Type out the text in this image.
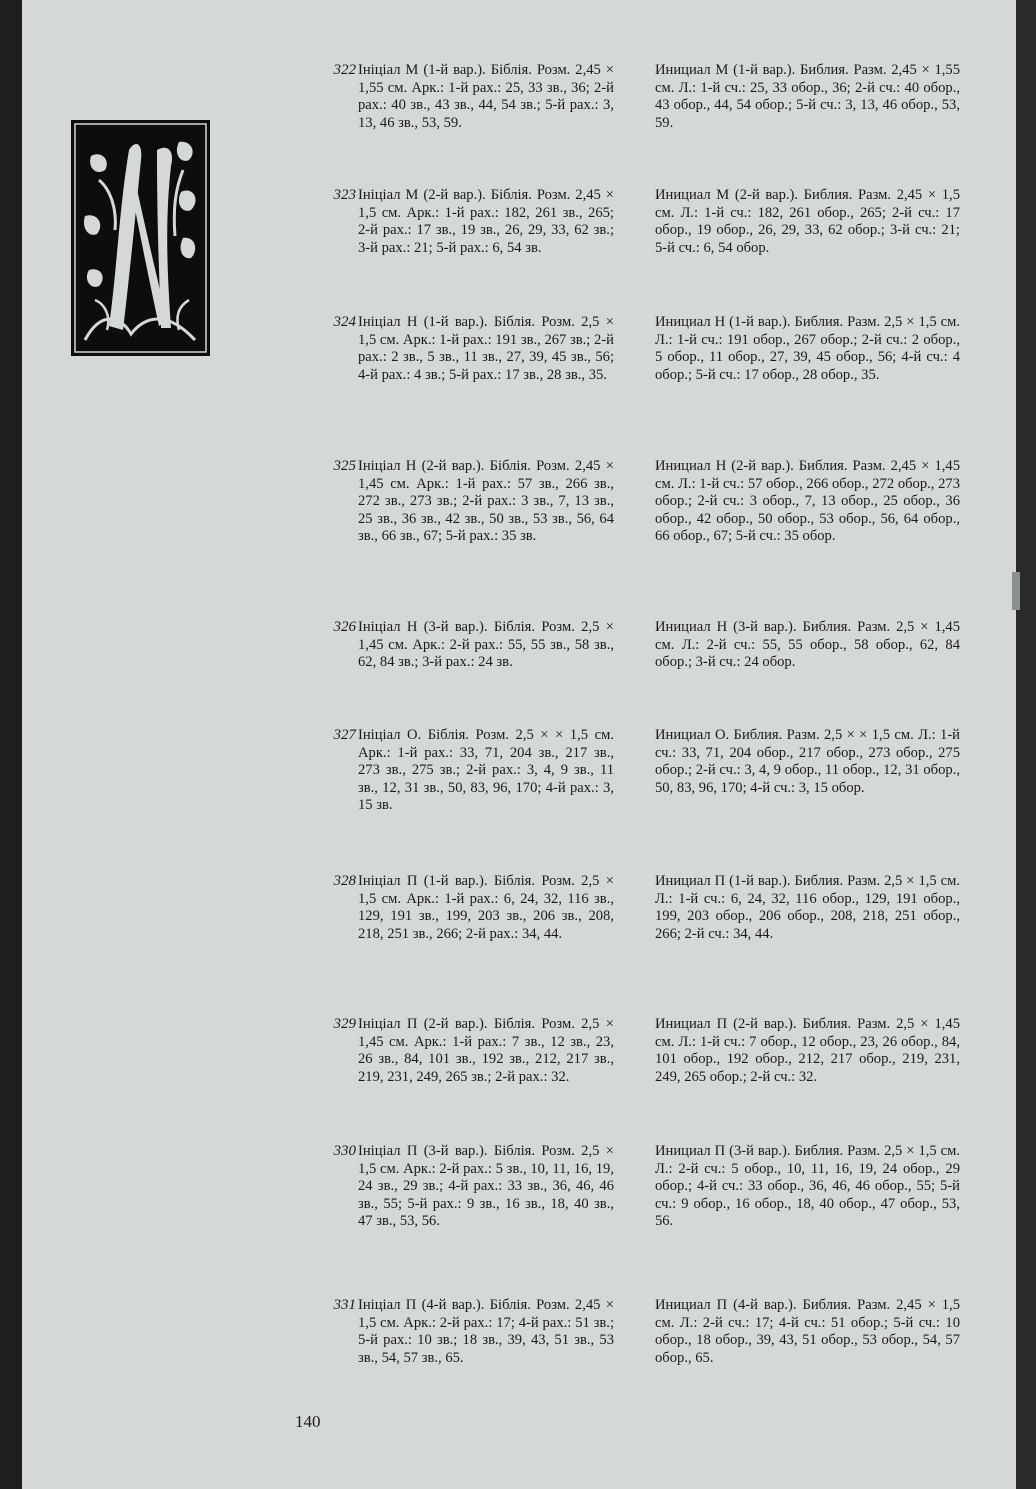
322 Ініціал М (1-й вар.). Біблія. Розм. 2,45 × 1,55 см. Арк.: 1-й рах.: 25, 33 зв., 36; 2-й рах.: 40 зв., 43 зв., 44, 54 зв.; 5-й рах.: 3, 13, 46 зв., 53, 59.
Инициал М (1-й вар.). Библия. Разм. 2,45 × 1,55 см. Л.: 1-й сч.: 25, 33 обор., 36; 2-й сч.: 40 обор., 43 обор., 44, 54 обор.; 5-й сч.: 3, 13, 46 обор., 53, 59.
323 Ініціал М (2-й вар.). Біблія. Розм. 2,45 × 1,5 см. Арк.: 1-й рах.: 182, 261 зв., 265; 2-й рах.: 17 зв., 19 зв., 26, 29, 33, 62 зв.; 3-й рах.: 21; 5-й рах.: 6, 54 зв.
Инициал М (2-й вар.). Библия. Разм. 2,45 × 1,5 см. Л.: 1-й сч.: 182, 261 обор., 265; 2-й сч.: 17 обор., 19 обор., 26, 29, 33, 62 обор.; 3-й сч.: 21; 5-й сч.: 6, 54 обор.
324 Ініціал Н (1-й вар.). Біблія. Розм. 2,5 × 1,5 см. Арк.: 1-й рах.: 191 зв., 267 зв.; 2-й рах.: 2 зв., 5 зв., 11 зв., 27, 39, 45 зв., 56; 4-й рах.: 4 зв.; 5-й рах.: 17 зв., 28 зв., 35.
Инициал Н (1-й вар.). Библия. Разм. 2,5 × 1,5 см. Л.: 1-й сч.: 191 обор., 267 обор.; 2-й сч.: 2 обор., 5 обор., 11 обор., 27, 39, 45 обор., 56; 4-й сч.: 4 обор.; 5-й сч.: 17 обор., 28 обор., 35.
325 Ініціал Н (2-й вар.). Біблія. Розм. 2,45 × 1,45 см. Арк.: 1-й рах.: 57 зв., 266 зв., 272 зв., 273 зв.; 2-й рах.: 3 зв., 7, 13 зв., 25 зв., 36 зв., 42 зв., 50 зв., 53 зв., 56, 64 зв., 66 зв., 67; 5-й рах.: 35 зв.
Инициал Н (2-й вар.). Библия. Разм. 2,45 × 1,45 см. Л.: 1-й сч.: 57 обор., 266 обор., 272 обор., 273 обор.; 2-й сч.: 3 обор., 7, 13 обор., 25 обор., 36 обор., 42 обор., 50 обор., 53 обор., 56, 64 обор., 66 обор., 67; 5-й сч.: 35 обор.
326 Ініціал Н (3-й вар.). Біблія. Розм. 2,5 × 1,45 см. Арк.: 2-й рах.: 55, 55 зв., 58 зв., 62, 84 зв.; 3-й рах.: 24 зв.
Инициал Н (3-й вар.). Библия. Разм. 2,5 × 1,45 см. Л.: 2-й сч.: 55, 55 обор., 58 обор., 62, 84 обор.; 3-й сч.: 24 обор.
327 Ініціал О. Біблія. Розм. 2,5 × × 1,5 см. Арк.: 1-й рах.: 33, 71, 204 зв., 217 зв., 273 зв., 275 зв.; 2-й рах.: 3, 4, 9 зв., 11 зв., 12, 31 зв., 50, 83, 96, 170; 4-й рах.: 3, 15 зв.
Инициал О. Библия. Разм. 2,5 × × 1,5 см. Л.: 1-й сч.: 33, 71, 204 обор., 217 обор., 273 обор., 275 обор.; 2-й сч.: 3, 4, 9 обор., 11 обор., 12, 31 обор., 50, 83, 96, 170; 4-й сч.: 3, 15 обор.
328 Ініціал П (1-й вар.). Біблія. Розм. 2,5 × 1,5 см. Арк.: 1-й рах.: 6, 24, 32, 116 зв., 129, 191 зв., 199, 203 зв., 206 зв., 208, 218, 251 зв., 266; 2-й рах.: 34, 44.
Инициал П (1-й вар.). Библия. Разм. 2,5 × 1,5 см. Л.: 1-й сч.: 6, 24, 32, 116 обор., 129, 191 обор., 199, 203 обор., 206 обор., 208, 218, 251 обор., 266; 2-й сч.: 34, 44.
329 Ініціал П (2-й вар.). Біблія. Розм. 2,5 × 1,45 см. Арк.: 1-й рах.: 7 зв., 12 зв., 23, 26 зв., 84, 101 зв., 192 зв., 212, 217 зв., 219, 231, 249, 265 зв.; 2-й рах.: 32.
Инициал П (2-й вар.). Библия. Разм. 2,5 × 1,45 см. Л.: 1-й сч.: 7 обор., 12 обор., 23, 26 обор., 84, 101 обор., 192 обор., 212, 217 обор., 219, 231, 249, 265 обор.; 2-й сч.: 32.
330 Ініціал П (3-й вар.). Біблія. Розм. 2,5 × 1,5 см. Арк.: 2-й рах.: 5 зв., 10, 11, 16, 19, 24 зв., 29 зв.; 4-й рах.: 33 зв., 36, 46, 46 зв., 55; 5-й рах.: 9 зв., 16 зв., 18, 40 зв., 47 зв., 53, 56.
Инициал П (3-й вар.). Библия. Разм. 2,5 × 1,5 см. Л.: 2-й сч.: 5 обор., 10, 11, 16, 19, 24 обор., 29 обор.; 4-й сч.: 33 обор., 36, 46, 46 обор., 55; 5-й сч.: 9 обор., 16 обор., 18, 40 обор., 47 обор., 53, 56.
331 Ініціал П (4-й вар.). Біблія. Розм. 2,45 × 1,5 см. Арк.: 2-й рах.: 17; 4-й рах.: 51 зв.; 5-й рах.: 10 зв.; 18 зв., 39, 43, 51 зв., 53 зв., 54, 57 зв., 65.
Инициал П (4-й вар.). Библия. Разм. 2,45 × 1,5 см. Л.: 2-й сч.: 17; 4-й сч.: 51 обор.; 5-й сч.: 10 обор., 18 обор., 39, 43, 51 обор., 53 обор., 54, 57 обор., 65.
140
